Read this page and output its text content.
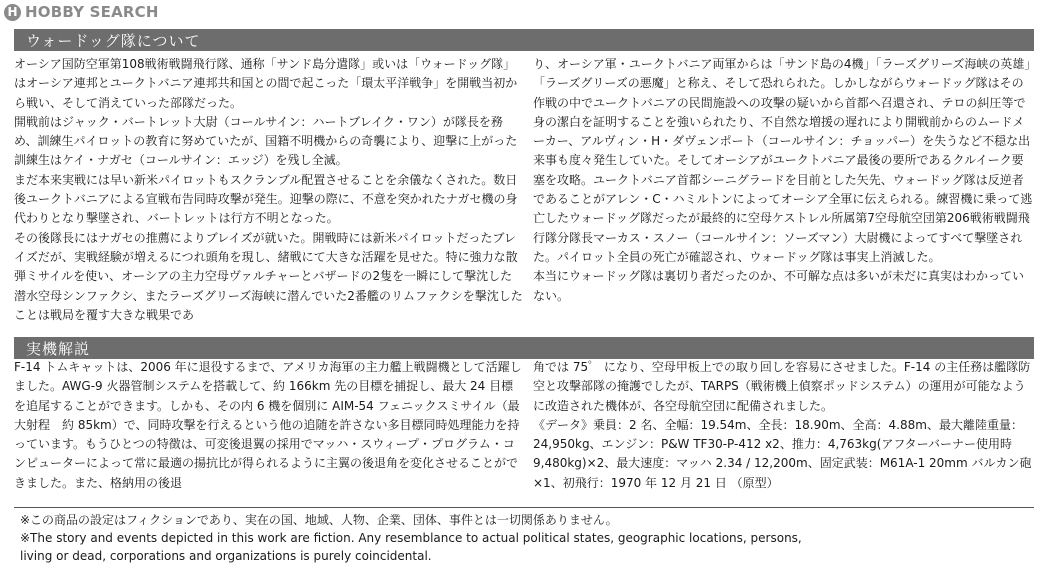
H HOBBY SEARCH
ウォードッグ隊について

オーシア国防空軍第108戦術戦闘飛行隊、通称「サンド島分遣隊」或いは「ウォードッグ隊」はオーシア連邦とユークトバニア連邦共和国との間で起こった「環太平洋戦争」を開戦当初から戦い、そして消えていった部隊だった。

開戦前はジャック・バートレット大尉（コールサイン：ハートブレイク・ワン）が隊長を務め、訓練生パイロットの教育に努めていたが、国籍不明機からの奇襲により、迎撃に上がった訓練生はケイ・ナガセ（コールサイン：エッジ）を残し全滅。

まだ本来実戦には早い新米パイロットもスクランブル配置させることを余儀なくされた。数日後ユークトバニアによる宣戦布告同時攻撃が発生。迎撃の際に、不意を突かれたナガセ機の身代わりとなり撃墜され、バートレットは行方不明となった。

その後隊長にはナガセの推薦によりブレイズが就いた。開戦時には新米パイロットだったブレイズだが、実戦経験が増えるにつれ頭角を現し、緒戦にて大きな活躍を見せた。特に強力な散弾ミサイルを使い、オーシアの主力空母ヴァルチャーとバザードの2隻を一瞬にして撃沈した潜水空母シンファクシ、またラーズグリーズ海峡に潜んでいた2番艦のリムファクシを撃沈したことは戦局を覆す大きな戦果であ

り、オーシア軍・ユークトバニア両軍からは「サンド島の4機」「ラーズグリーズ海峡の英雄」「ラーズグリーズの悪魔」と称え、そして恐れられた。しかしながらウォードッグ隊はその作戦の中でユークトバニアの民間施設への攻撃の疑いから首都へ召還され、テロの糾圧等で身の潔白を証明することを強いられたり、不自然な増援の遅れにより開戦前からのムードメーカー、アルヴィン・H・ダヴェンポート（コールサイン：チョッパー）を失うなど不穏な出来事も度々発生していた。そしてオーシアがユークトバニア最後の要所であるクルイーク要塞を攻略。ユークトバニア首都シーニグラードを目前とした矢先、ウォードッグ隊は反逆者であることがアレン・C・ハミルトンによってオーシア全軍に伝えられる。練習機に乗って逃亡したウォードッグ隊だったが最終的に空母ケストレル所属第7空母航空団第206戦術戦闘飛行隊分隊長マーカス・スノー（コールサイン：ソーズマン）大尉機によってすべて撃墜された。パイロット全員の死亡が確認され、ウォードッグ隊は事実上消滅した。

本当にウォードッグ隊は裏切り者だったのか、不可解な点は多いが未だに真実はわかっていない。

実機解説

F-14 トムキャットは、2006 年に退役するまで、アメリカ海軍の主力艦上戦闘機として活躍しました。AWG-9 火器管制システムを搭載して、約 166km 先の目標を捕捉し、最大 24 目標を追尾することができます。しかも、その内 6 機を個別に AIM-54 フェニックスミサイル（最大射程　約 85km）で、同時攻撃を行えるという他の追随を許さない多目標同時処理能力を持っています。もうひとつの特徴は、可変後退翼の採用でマッハ・スウィープ・プログラム・コンピューターによって常に最適の揚抗比が得られるように主翼の後退角を変化させることができました。また、格納用の後退

角では 75゜ になり、空母甲板上での取り回しを容易にさせました。F-14 の主任務は艦隊防空と攻撃部隊の掩護でしたが、TARPS（戦術機上偵察ポッドシステム）の運用が可能なように改造された機体が、各空母航空団に配備されました。

《データ》乗員：2 名、全幅：19.54m、全長：18.90m、全高：4.88m、最大離陸重量：24,950kg、エンジン：P&W TF30-P-412 x2、推力：4,763kg(アフターバーナー使用時 9,480kg)×2、最大速度：マッハ 2.34 / 12,200m、固定武装：M61A-1 20mm バルカン砲 ×1、初飛行：1970 年 12 月 21 日 （原型）

※この商品の設定はフィクションであり、実在の国、地域、人物、企業、団体、事件とは一切関係ありません。

※The story and events depicted in this work are fiction. Any resemblance to actual political states, geographic locations, persons,

living or dead, corporations and organizations is purely coincidental.
